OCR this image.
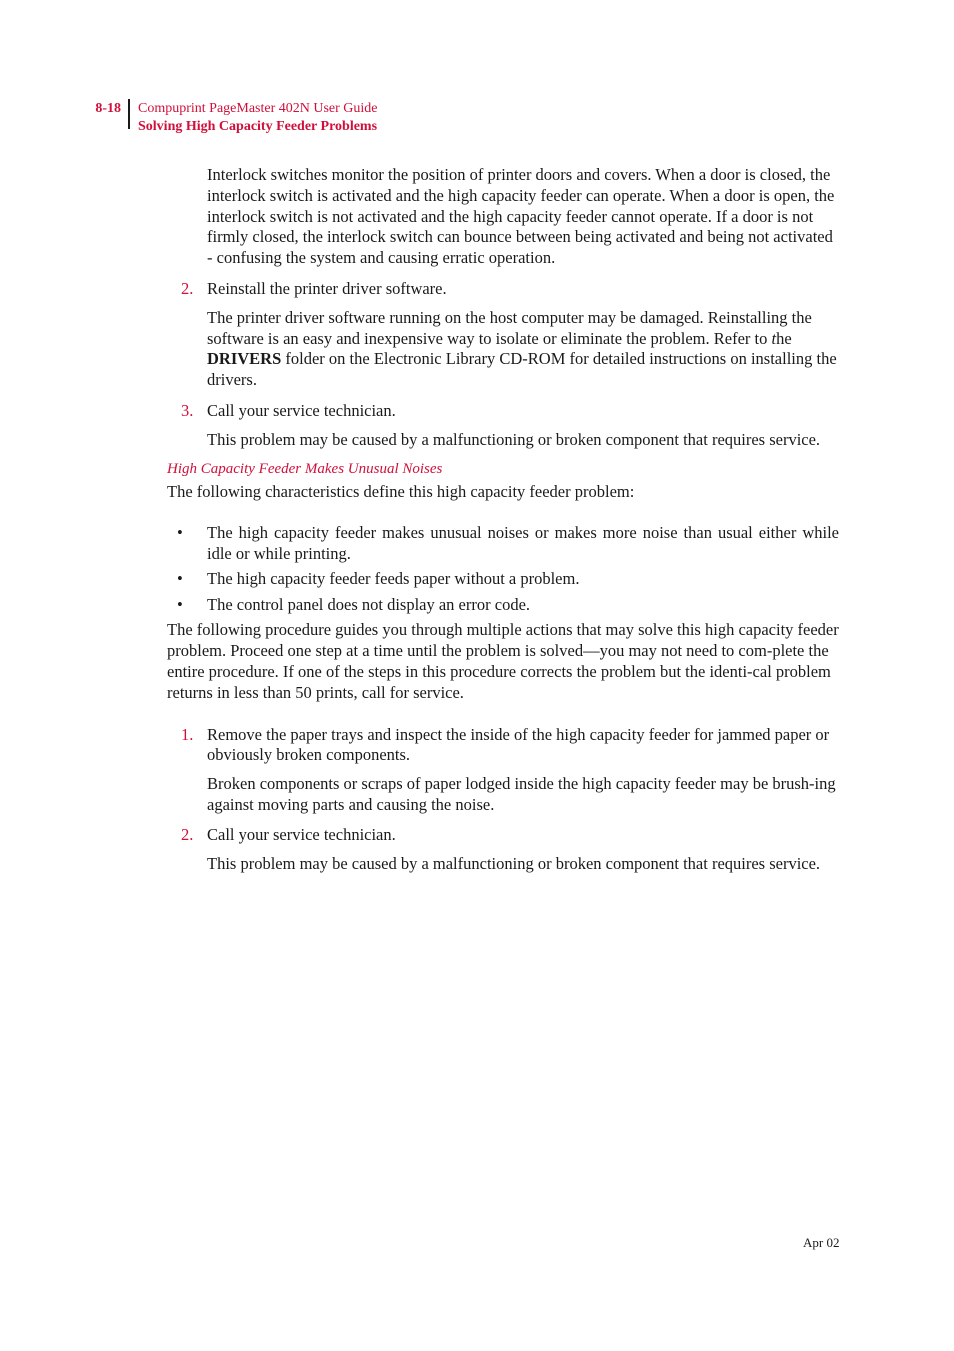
8-18 Compuprint PageMaster 402N User Guide
Solving High Capacity Feeder Problems

Interlock switches monitor the position of printer doors and covers. When a door is closed, the interlock switch is activated and the high capacity feeder can operate. When a door is open, the interlock switch is not activated and the high capacity feeder cannot operate. If a door is not firmly closed, the interlock switch can bounce between being activated and being not activated - confusing the system and causing erratic operation.

2. Reinstall the printer driver software.

The printer driver software running on the host computer may be damaged. Reinstalling the software is an easy and inexpensive way to isolate or eliminate the problem. Refer to the DRIVERS folder on the Electronic Library CD-ROM for detailed instructions on installing the drivers.

3. Call your service technician.

This problem may be caused by a malfunctioning or broken component that requires service.

High Capacity Feeder Makes Unusual Noises

The following characteristics define this high capacity feeder problem:

• The high capacity feeder makes unusual noises or makes more noise than usual either while idle or while printing.

• The high capacity feeder feeds paper without a problem.

• The control panel does not display an error code.

The following procedure guides you through multiple actions that may solve this high capacity feeder problem. Proceed one step at a time until the problem is solved—you may not need to com-plete the entire procedure. If one of the steps in this procedure corrects the problem but the identi-cal problem returns in less than 50 prints, call for service.

1. Remove the paper trays and inspect the inside of the high capacity feeder for jammed paper or obviously broken components.

Broken components or scraps of paper lodged inside the high capacity feeder may be brush-ing against moving parts and causing the noise.

2. Call your service technician.

This problem may be caused by a malfunctioning or broken component that requires service.

Apr 02
